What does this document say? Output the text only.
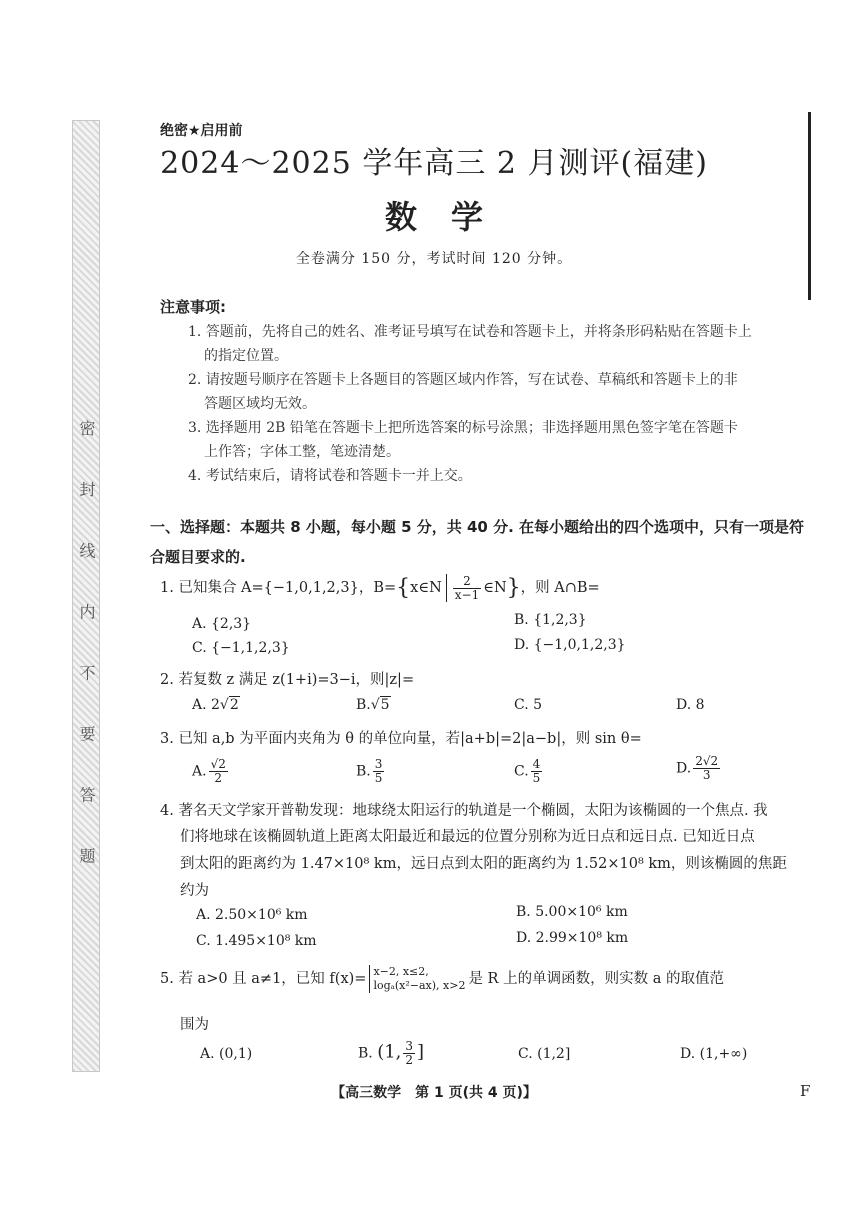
密 封 线 内 不 要 答 题
绝密★启用前
2024～2025 学年高三 2 月测评(福建)
数学
全卷满分 150 分，考试时间 120 分钟。
注意事项:
1. 答题前，先将自己的姓名、准考证号填写在试卷和答题卡上，并将条形码粘贴在答题卡上
的指定位置。
2. 请按题号顺序在答题卡上各题目的答题区域内作答，写在试卷、草稿纸和答题卡上的非
答题区域均无效。
3. 选择题用 2B 铅笔在答题卡上把所选答案的标号涂黑；非选择题用黑色签字笔在答题卡
上作答；字体工整，笔迹清楚。
4. 考试结束后，请将试卷和答题卡一并上交。
一、选择题：本题共 8 小题，每小题 5 分，共 40 分. 在每小题给出的四个选项中，只有一项是符合题目要求的.
1. 已知集合 A={−1,0,1,2,3}，B={x∈N $\frac{2}{x-1}$ ∈N}，则 A∩B=
A. {2,3}	B. {1,2,3}
C. {−1,1,2,3}	D. {−1,0,1,2,3}
2. 若复数 z 满足 z(1+i)=3−i，则|z|=
A. 2√2	B.√5	C. 5	D. 8
3. 已知 a,b 为平面内夹角为 θ 的单位向量，若|a+b|=2|a−b|，则 sin θ=
A. $\frac{√2}{2}$	B. $\frac{3}{5}$	C. $\frac{4}{5}$	D. $\frac{2√2}{3}$
4. 著名天文学家开普勒发现：地球绕太阳运行的轨道是一个椭圆，太阳为该椭圆的一个焦点. 我
们将地球在该椭圆轨道上距离太阳最近和最远的位置分别称为近日点和远日点. 已知近日点
到太阳的距离约为 1.47×10⁸ km，远日点到太阳的距离约为 1.52×10⁸ km，则该椭圆的焦距
约为
A. 2.50×10⁶ km	B. 5.00×10⁶ km
C. 1.495×10⁸ km	D. 2.99×10⁸ km
5. 若 a>0 且 a≠1，已知 f(x)= x−2, x≤2,
logₐ(x²−ax), x>2 是 R 上的单调函数，则实数 a 的取值范
围为
A. (0,1)	B. (1, $\frac{3}{2}$ ]	C. (1,2]	D. (1,+∞)
【高三数学　第 1 页(共 4 页)】	F
